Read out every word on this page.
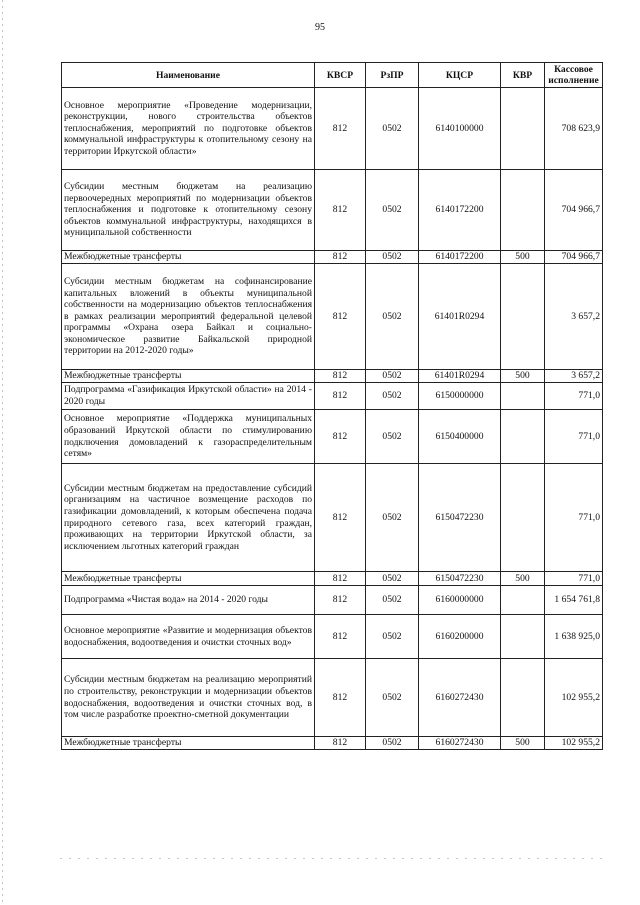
95
Наименование	КВСР	РзПР	КЦСР	КВР	Кассовое исполнение
Основное мероприятие «Проведение модернизации, реконструкции, нового строительства объектов теплоснабжения, мероприятий по подготовке объектов коммунальной инфраструктуры к отопительному сезону на территории Иркутской области»	812	0502	6140100000		708 623,9
Субсидии местным бюджетам на реализацию первоочередных мероприятий по модернизации объектов теплоснабжения и подготовке к отопительному сезону объектов коммунальной инфраструктуры, находящихся в муниципальной собственности	812	0502	6140172200		704 966,7
Межбюджетные трансферты	812	0502	6140172200	500	704 966,7
Субсидии местным бюджетам на софинансирование капитальных вложений в объекты муниципальной собственности на модернизацию объектов теплоснабжения в рамках реализации мероприятий федеральной целевой программы «Охрана озера Байкал и социально-экономическое развитие Байкальской природной территории на 2012-2020 годы»	812	0502	61401R0294		3 657,2
Межбюджетные трансферты	812	0502	61401R0294	500	3 657,2
Подпрограмма «Газификация Иркутской области» на 2014 - 2020 годы	812	0502	6150000000		771,0
Основное мероприятие «Поддержка муниципальных образований Иркутской области по стимулированию подключения домовладений к газораспределительным сетям»	812	0502	6150400000		771,0
Субсидии местным бюджетам на предоставление субсидий организациям на частичное возмещение расходов по газификации домовладений, к которым обеспечена подача природного сетевого газа, всех категорий граждан, проживающих на территории Иркутской области, за исключением льготных категорий граждан	812	0502	6150472230		771,0
Межбюджетные трансферты	812	0502	6150472230	500	771,0
Подпрограмма «Чистая вода» на 2014 - 2020 годы	812	0502	6160000000		1 654 761,8
Основное мероприятие «Развитие и модернизация объектов водоснабжения, водоотведения и очистки сточных вод»	812	0502	6160200000		1 638 925,0
Субсидии местным бюджетам на реализацию мероприятий по строительству, реконструкции и модернизации объектов водоснабжения, водоотведения и очистки сточных вод, в том числе разработке проектно-сметной документации	812	0502	6160272430		102 955,2
Межбюджетные трансферты	812	0502	6160272430	500	102 955,2
